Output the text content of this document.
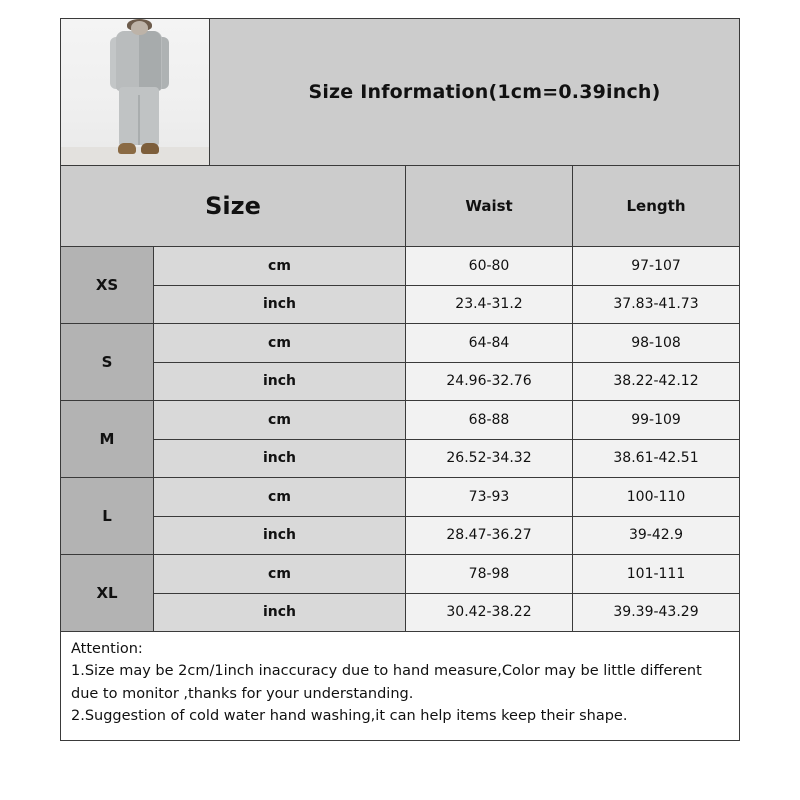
Size Information(1cm=0.39inch)
Size	Waist	Length
XS
cm	60-80	97-107
inch	23.4-31.2	37.83-41.73
S
cm	64-84	98-108
inch	24.96-32.76	38.22-42.12
M
cm	68-88	99-109
inch	26.52-34.32	38.61-42.51
L
cm	73-93	100-110
inch	28.47-36.27	39-42.9
XL
cm	78-98	101-111
inch	30.42-38.22	39.39-43.29
Attention:
1.Size may be 2cm/1inch inaccuracy due to hand measure,Color may be little different due to monitor ,thanks for your understanding.
2.Suggestion of cold water hand washing,it can help items keep their shape.
